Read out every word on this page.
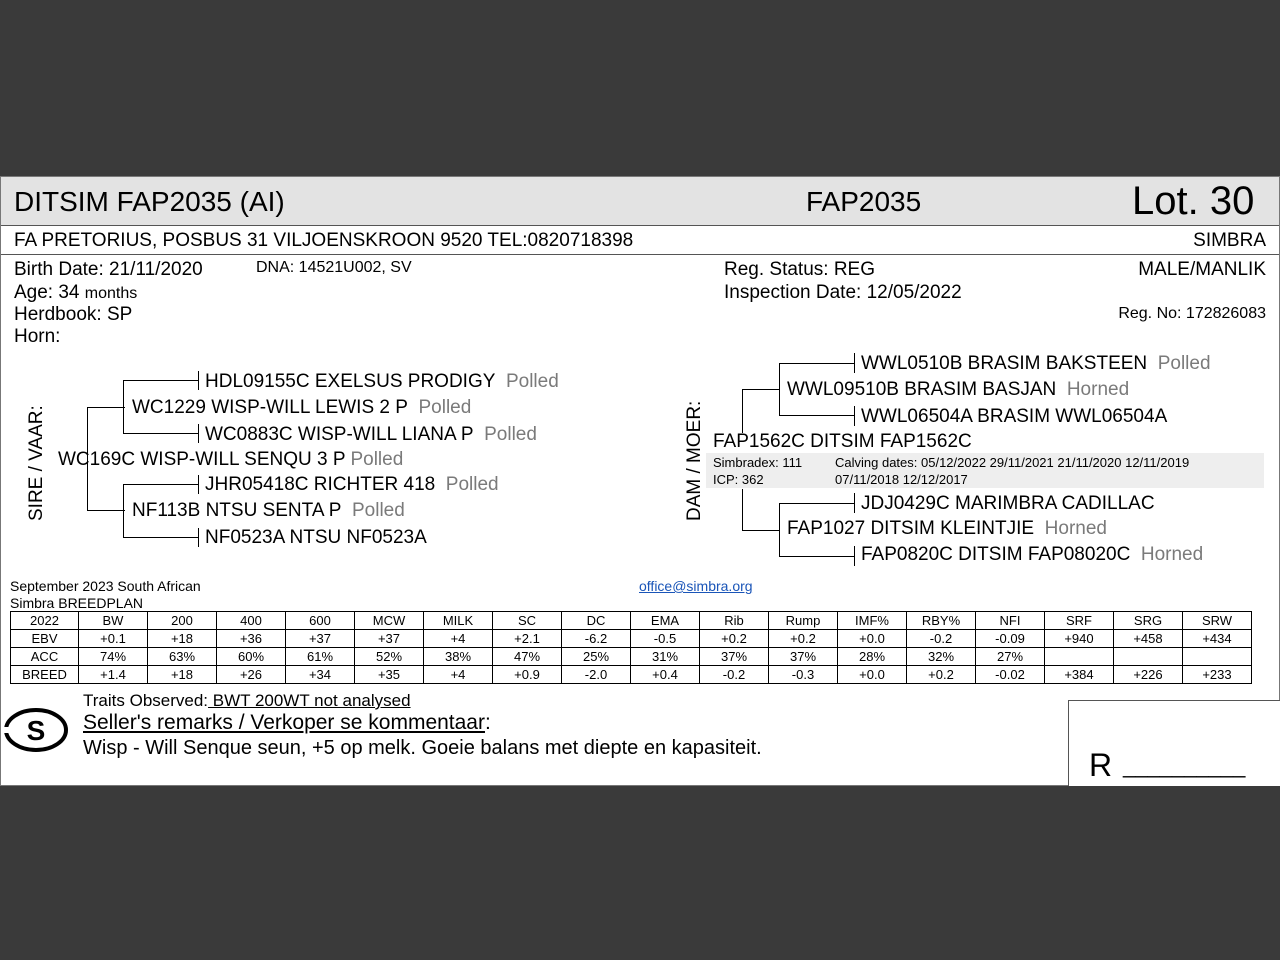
DITSIM FAP2035 (AI)	FAP2035	Lot. 30
FA PRETORIUS, POSBUS 31 VILJOENSKROON 9520 TEL:0820718398	SIMBRA
Birth Date: 21/11/2020	DNA: 14521U002, SV
Age: 34 months
Herdbook: SP
Horn:
Reg. Status: REG
Inspection Date: 12/05/2022
MALE/MANLIK
Reg. No: 172826083
SIRE / VAAR:
HDL09155C EXELSUS PRODIGY Polled
WC1229 WISP-WILL LEWIS 2 P Polled
WC0883C WISP-WILL LIANA P Polled
WC169C WISP-WILL SENQU 3 P Polled
JHR05418C RICHTER 418 Polled
NF113B NTSU SENTA P Polled
NF0523A NTSU NF0523A
DAM / MOER:
WWL0510B BRASIM BAKSTEEN Polled
WWL09510B BRASIM BASJAN Horned
WWL06504A BRASIM WWL06504A
FAP1562C DITSIM FAP1562C
Simbradex: 111
ICP: 362
Calving dates: 05/12/2022 29/11/2021 21/11/2020 12/11/2019
07/11/2018 12/12/2017
JDJ0429C MARIMBRA CADILLAC
FAP1027 DITSIM KLEINTJIE Horned
FAP0820C DITSIM FAP08020C Horned
September 2023 South African
Simbra BREEDPLAN
office@simbra.org
2022	BW	200	400	600	MCW	MILK	SC	DC	EMA	Rib	Rump	IMF%	RBY%	NFI	SRF	SRG	SRW
EBV	+0.1	+18	+36	+37	+37	+4	+2.1	-6.2	-0.5	+0.2	+0.2	+0.0	-0.2	-0.09	+940	+458	+434
ACC	74%	63%	60%	61%	52%	38%	47%	25%	31%	37%	37%	28%	32%	27%			
BREED	+1.4	+18	+26	+34	+35	+4	+0.9	-2.0	+0.4	-0.2	-0.3	+0.0	+0.2	-0.02	+384	+226	+233
S
Traits Observed: BWT 200WT not analysed
Seller's remarks / Verkoper se kommentaar:
Wisp - Will Senque seun, +5 op melk. Goeie balans met diepte en kapasiteit.	R __________
